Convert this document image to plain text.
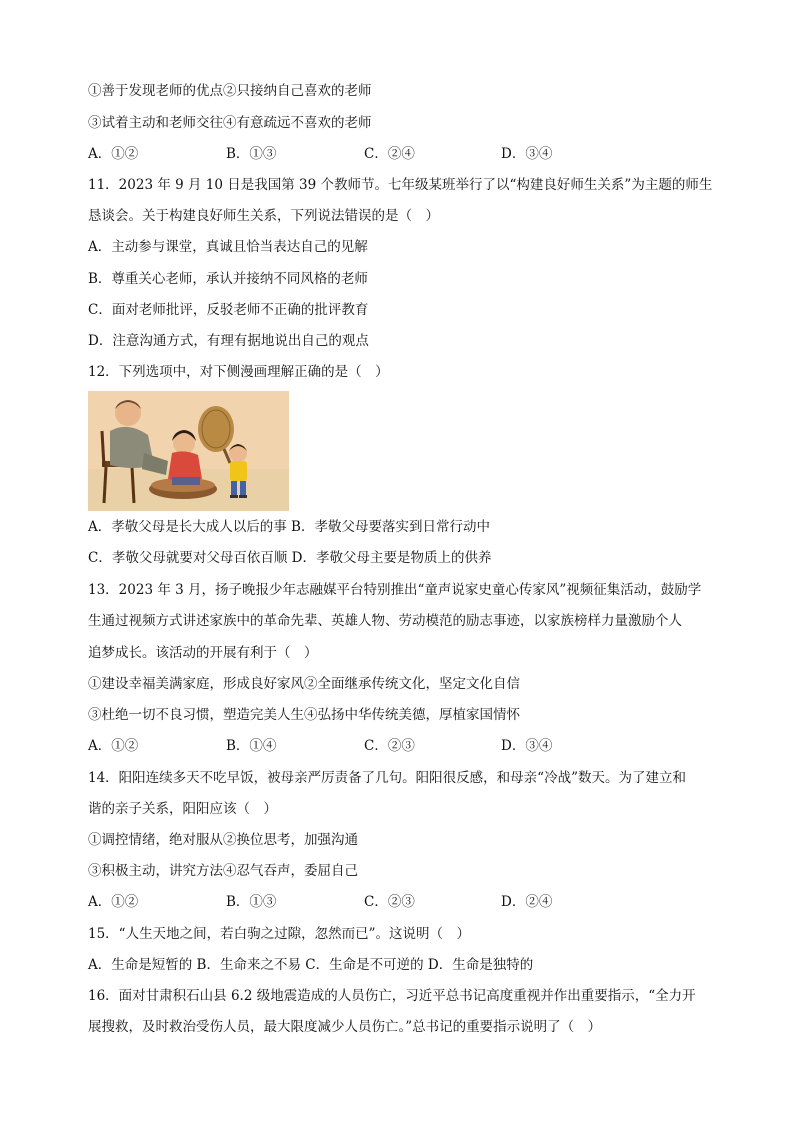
①善于发现老师的优点②只接纳自己喜欢的老师
③试着主动和老师交往④有意疏远不喜欢的老师
A．①②	B．①③	C．②④	D．③④
11．2023 年 9 月 10 日是我国第 39 个教师节。七年级某班举行了以“构建良好师生关系”为主题的师生
恳谈会。关于构建良好师生关系，下列说法错误的是（　）
A．主动参与课堂，真诚且恰当表达自己的见解
B．尊重关心老师，承认并接纳不同风格的老师
C．面对老师批评，反驳老师不正确的批评教育
D．注意沟通方式，有理有据地说出自己的观点
12．下列选项中，对下侧漫画理解正确的是（　）
A．孝敬父母是长大成人以后的事 B．孝敬父母要落实到日常行动中
C．孝敬父母就要对父母百依百顺 D．孝敬父母主要是物质上的供养
13．2023 年 3 月，扬子晚报少年志融媒平台特别推出“童声说家史童心传家风”视频征集活动，鼓励学
生通过视频方式讲述家族中的革命先辈、英雄人物、劳动模范的励志事迹，以家族榜样力量激励个人
追梦成长。该活动的开展有利于（　）
①建设幸福美满家庭，形成良好家风②全面继承传统文化，坚定文化自信
③杜绝一切不良习惯，塑造完美人生④弘扬中华传统美德，厚植家国情怀
A．①②	B．①④	C．②③	D．③④
14．阳阳连续多天不吃早饭，被母亲严厉责备了几句。阳阳很反感，和母亲“冷战”数天。为了建立和
谐的亲子关系，阳阳应该（　）
①调控情绪，绝对服从②换位思考，加强沟通
③积极主动，讲究方法④忍气吞声，委屈自己
A．①②	B．①③	C．②③	D．②④
15．“人生天地之间，若白驹之过隙，忽然而已”。这说明（　）
A．生命是短暂的 B．生命来之不易 C．生命是不可逆的 D．生命是独特的
16．面对甘肃积石山县 6.2 级地震造成的人员伤亡，习近平总书记高度重视并作出重要指示，“全力开
展搜救，及时救治受伤人员，最大限度减少人员伤亡。”总书记的重要指示说明了（　）
